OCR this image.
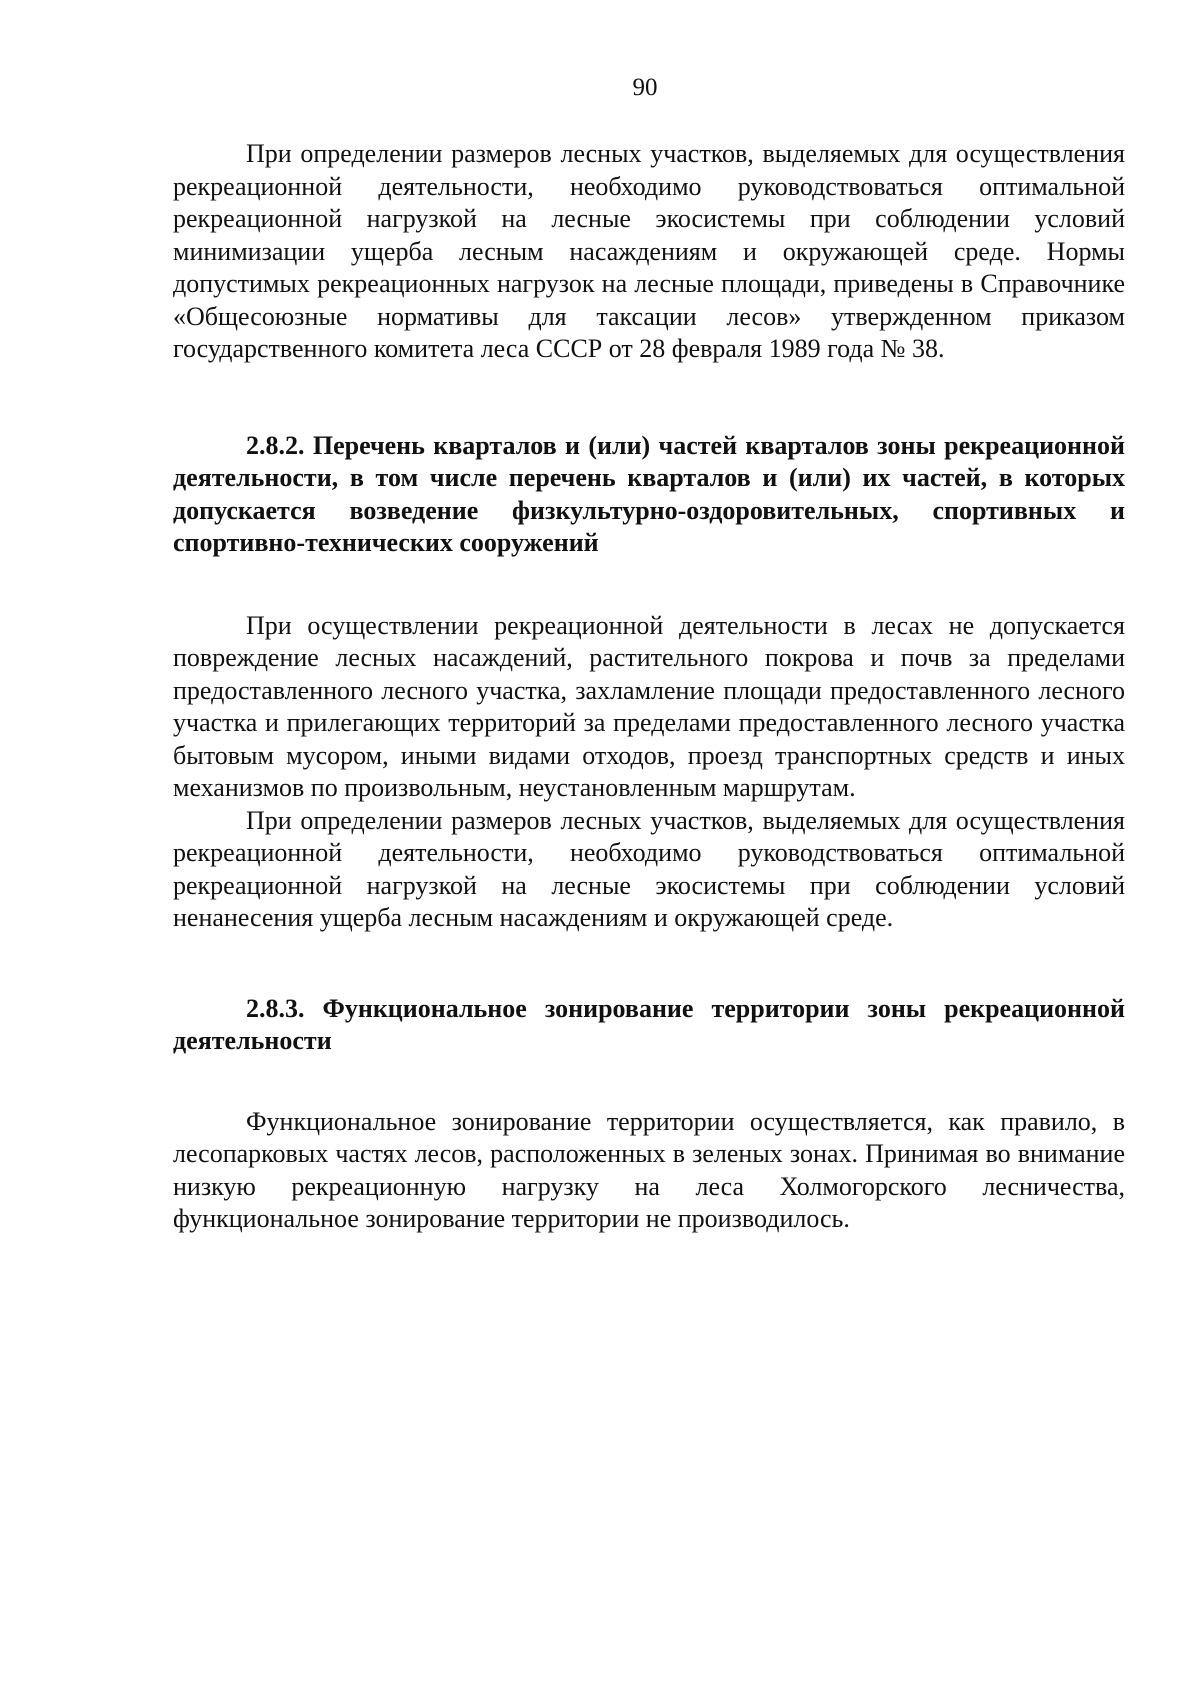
90

При определении размеров лесных участков, выделяемых для осуществления рекреационной деятельности, необходимо руководствоваться оптимальной рекреационной нагрузкой на лесные экосистемы при соблюдении условий минимизации ущерба лесным насаждениям и окружающей среде. Нормы допустимых рекреационных нагрузок на лесные площади, приведены в Справочнике «Общесоюзные нормативы для таксации лесов» утвержденном приказом государственного комитета леса СССР от 28 февраля 1989 года № 38.

2.8.2. Перечень кварталов и (или) частей кварталов зоны рекреационной деятельности, в том числе перечень кварталов и (или) их частей, в которых допускается возведение физкультурно-оздоровительных, спортивных и спортивно-технических сооружений

При осуществлении рекреационной деятельности в лесах не допускается повреждение лесных насаждений, растительного покрова и почв за пределами предоставленного лесного участка, захламление площади предоставленного лесного участка и прилегающих территорий за пределами предоставленного лесного участка бытовым мусором, иными видами отходов, проезд транспортных средств и иных механизмов по произвольным, неустановленным маршрутам.

При определении размеров лесных участков, выделяемых для осуществления рекреационной деятельности, необходимо руководствоваться оптимальной рекреационной нагрузкой на лесные экосистемы при соблюдении условий ненанесения ущерба лесным насаждениям и окружающей среде.

2.8.3. Функциональное зонирование территории зоны рекреационной деятельности

Функциональное зонирование территории осуществляется, как правило, в лесопарковых частях лесов, расположенных в зеленых зонах. Принимая во внимание низкую рекреационную нагрузку на леса Холмогорского лесничества, функциональное зонирование территории не производилось.
